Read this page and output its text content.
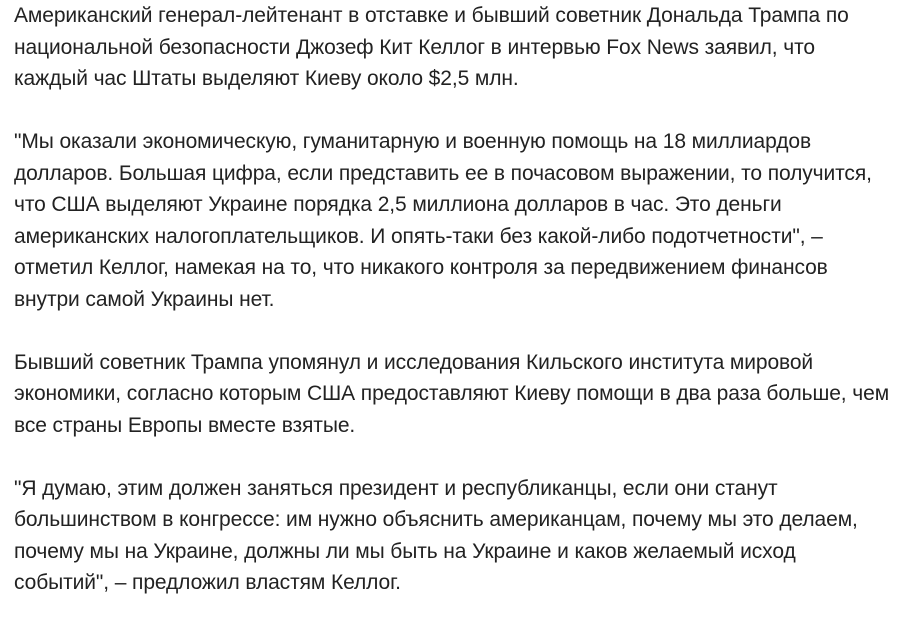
Американский генерал-лейтенант в отставке и бывший советник Дональда Трампа по национальной безопасности Джозеф Кит Келлог в интервью Fox News заявил, что каждый час Штаты выделяют Киеву около $2,5 млн.

"Мы оказали экономическую, гуманитарную и военную помощь на 18 миллиардов долларов. Большая цифра, если представить ее в почасовом выражении, то получится, что США выделяют Украине порядка 2,5 миллиона долларов в час. Это деньги американских налогоплательщиков. И опять-таки без какой-либо подотчетности", – отметил Келлог, намекая на то, что никакого контроля за передвижением финансов внутри самой Украины нет.

Бывший советник Трампа упомянул и исследования Кильского института мировой экономики, согласно которым США предоставляют Киеву помощи в два раза больше, чем все страны Европы вместе взятые.

"Я думаю, этим должен заняться президент и республиканцы, если они станут большинством в конгрессе: им нужно объяснить американцам, почему мы это делаем, почему мы на Украине, должны ли мы быть на Украине и каков желаемый исход событий", – предложил властям Келлог.
